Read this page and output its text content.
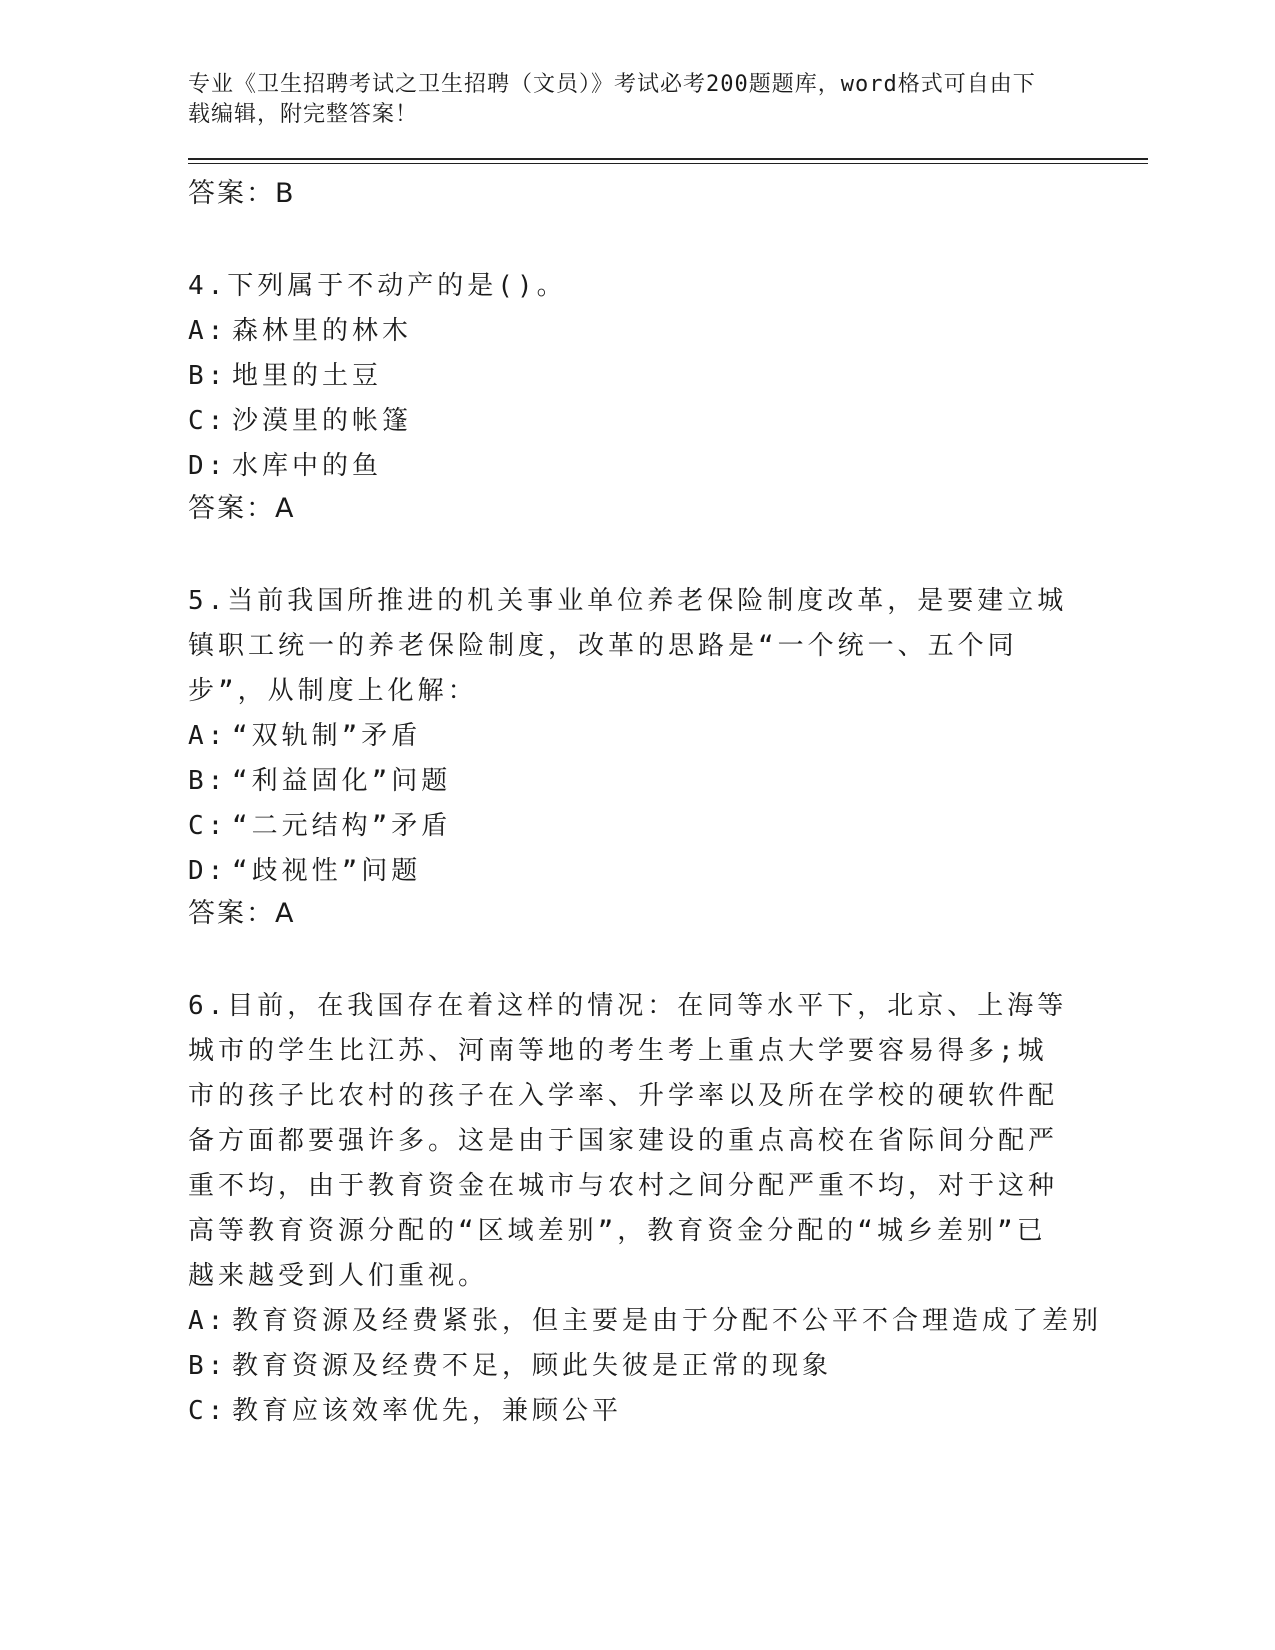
专业《卫生招聘考试之卫生招聘（文员）》考试必考200题题库，word格式可自由下载编辑，附完整答案！
答案：B
4.下列属于不动产的是()。
A: 森林里的林木
B: 地里的土豆
C: 沙漠里的帐篷
D: 水库中的鱼
答案：A
5.当前我国所推进的机关事业单位养老保险制度改革，是要建立城镇职工统一的养老保险制度，改革的思路是“一个统一、五个同步”，从制度上化解：
A: “双轨制”矛盾
B: “利益固化”问题
C: “二元结构”矛盾
D: “歧视性”问题
答案：A
6.目前，在我国存在着这样的情况：在同等水平下，北京、上海等城市的学生比江苏、河南等地的考生考上重点大学要容易得多;城市的孩子比农村的孩子在入学率、升学率以及所在学校的硬软件配备方面都要强许多。这是由于国家建设的重点高校在省际间分配严重不均，由于教育资金在城市与农村之间分配严重不均，对于这种高等教育资源分配的“区域差别”，教育资金分配的“城乡差别”已越来越受到人们重视。
A: 教育资源及经费紧张，但主要是由于分配不公平不合理造成了差别
B: 教育资源及经费不足，顾此失彼是正常的现象
C: 教育应该效率优先，兼顾公平
